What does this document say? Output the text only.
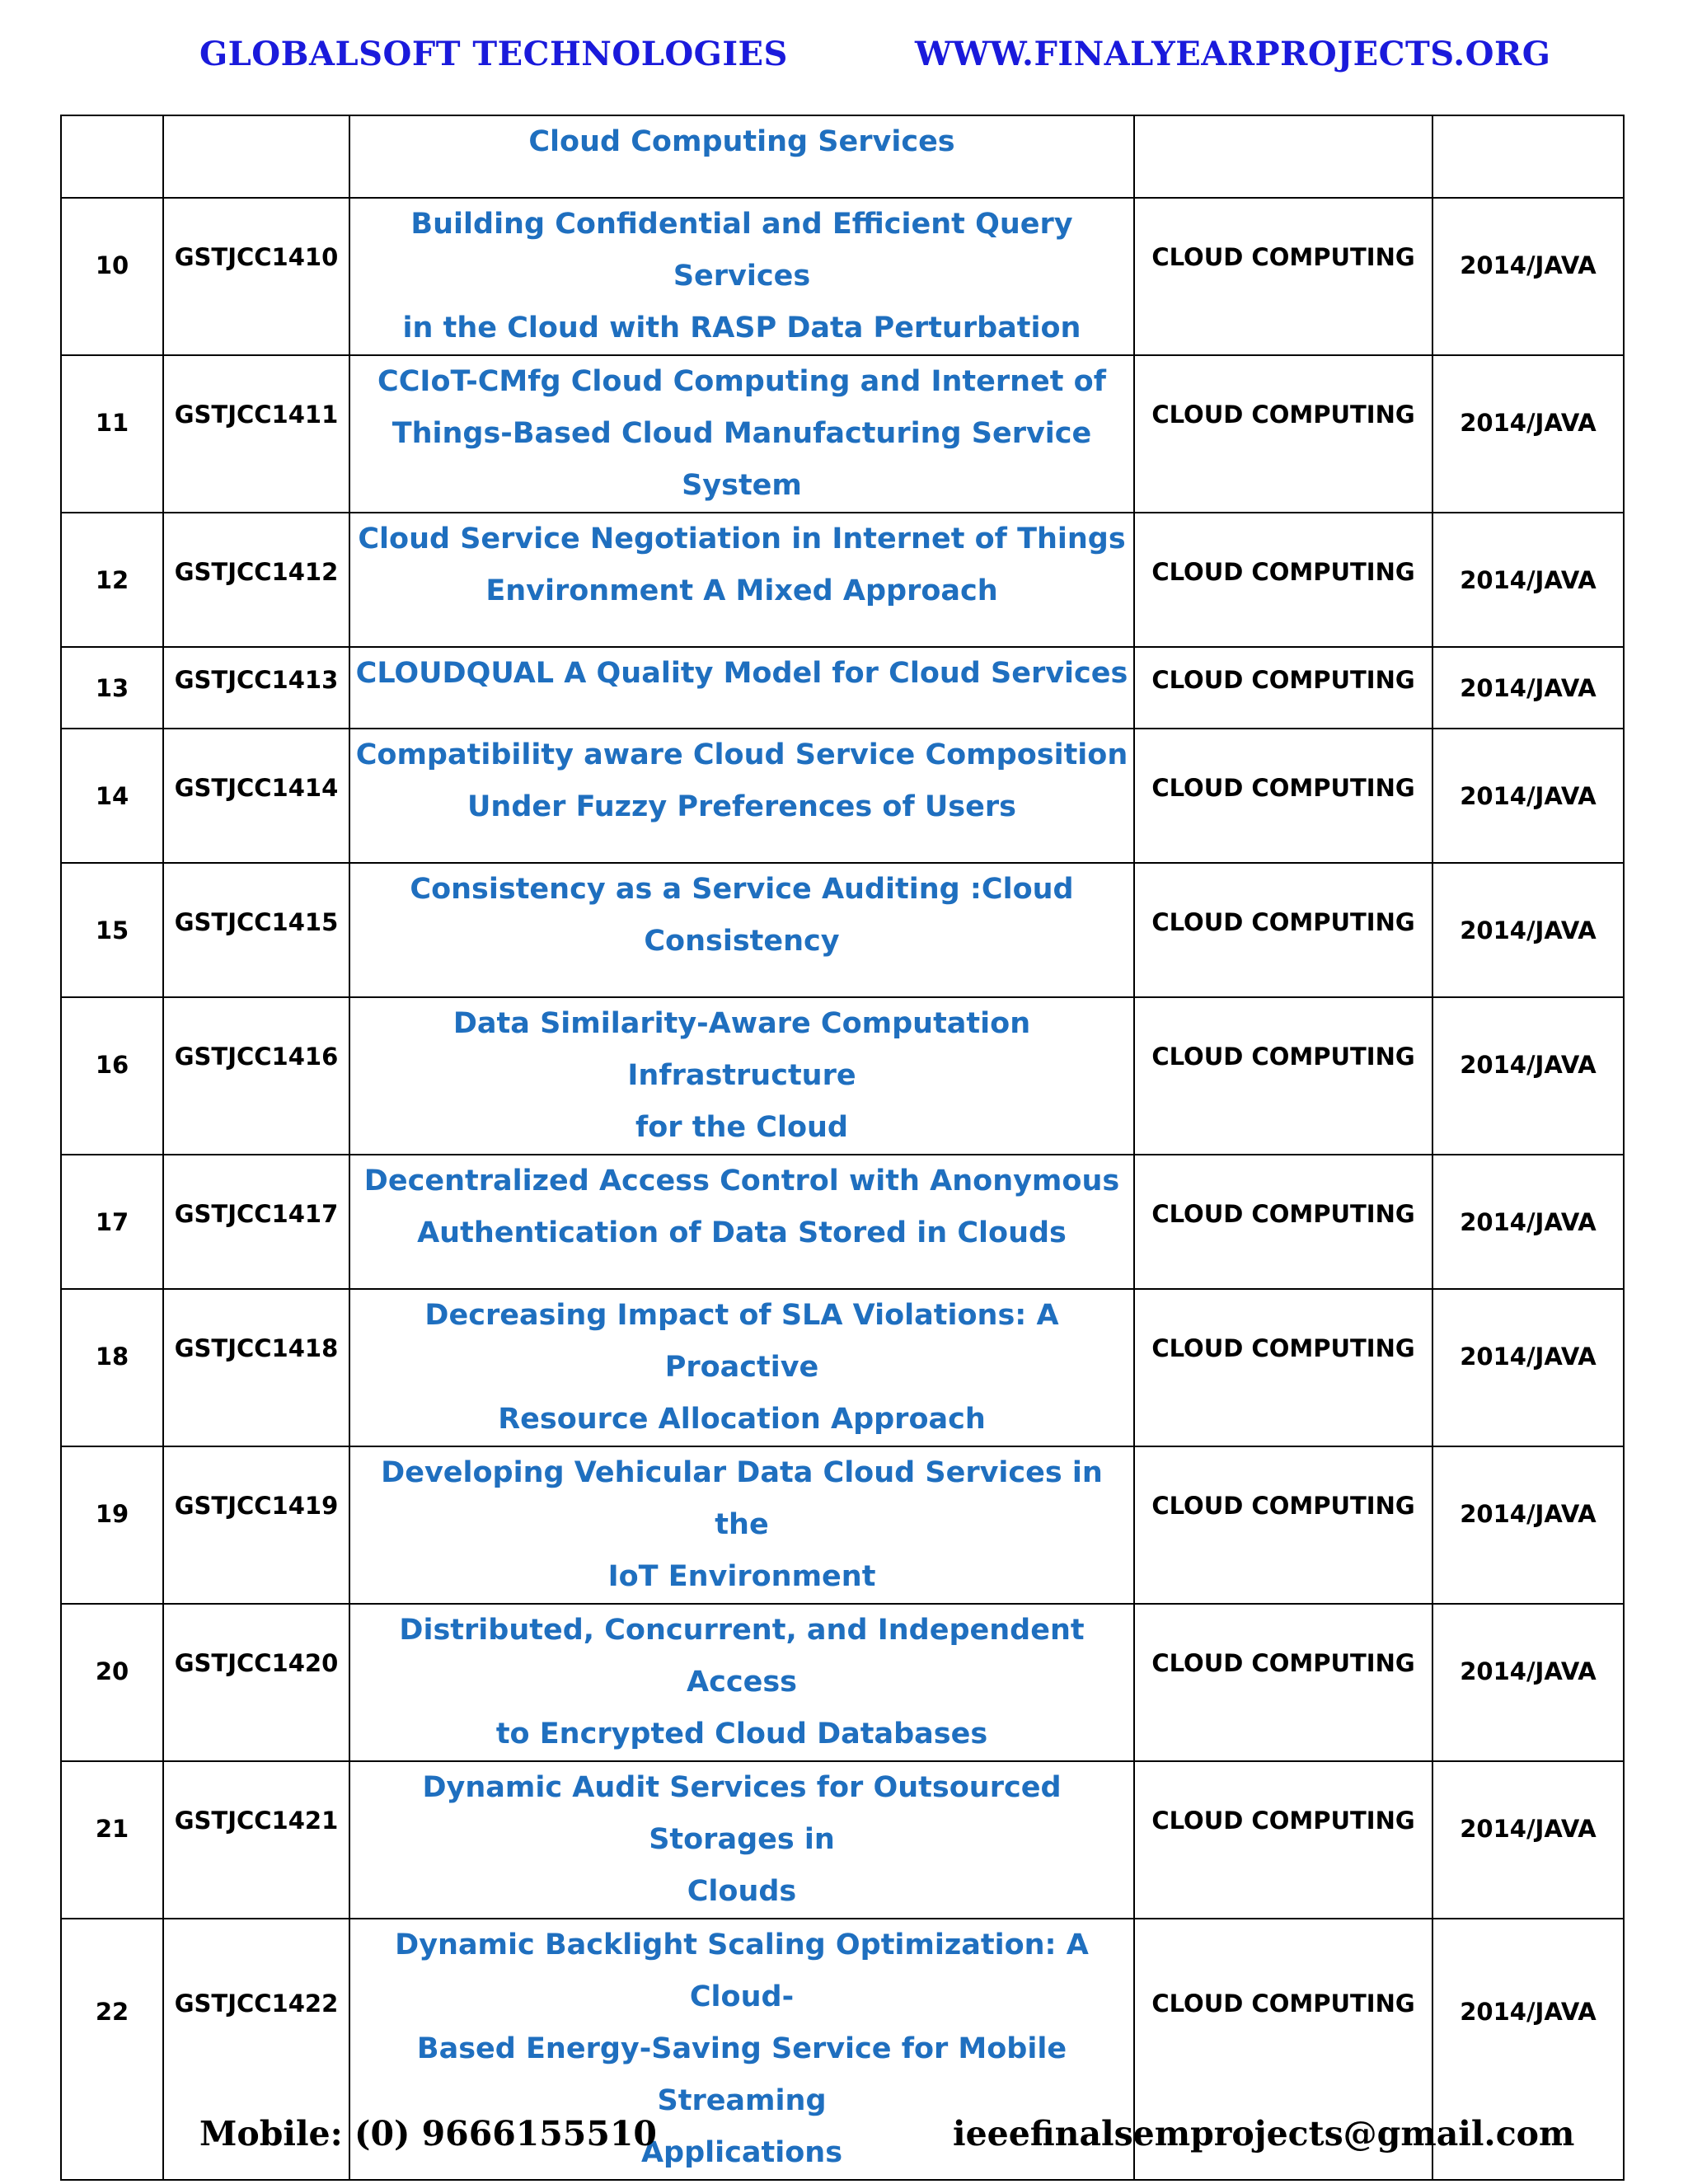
GLOBALSOFT TECHNOLOGIES	WWW.FINALYEARPROJECTS.ORG

		Cloud Computing Services		

10	GSTJCC1410	Building Confidential and Efficient Query Services
in the Cloud with RASP Data Perturbation	CLOUD COMPUTING	2014/JAVA

11	GSTJCC1411	CCIoT-CMfg Cloud Computing and Internet of
Things-Based Cloud Manufacturing Service System	CLOUD COMPUTING	2014/JAVA

12	GSTJCC1412	Cloud Service Negotiation in Internet of Things
Environment A Mixed Approach	CLOUD COMPUTING	2014/JAVA

13	GSTJCC1413	CLOUDQUAL A Quality Model for Cloud Services	CLOUD COMPUTING	2014/JAVA

14	GSTJCC1414	Compatibility aware Cloud Service Composition
Under Fuzzy Preferences of Users	CLOUD COMPUTING	2014/JAVA

15	GSTJCC1415	Consistency as a Service Auditing :Cloud
Consistency	CLOUD COMPUTING	2014/JAVA

16	GSTJCC1416	Data Similarity-Aware Computation Infrastructure
for the Cloud	CLOUD COMPUTING	2014/JAVA

17	GSTJCC1417	Decentralized Access Control with Anonymous
Authentication of Data Stored in Clouds	CLOUD COMPUTING	2014/JAVA

18	GSTJCC1418	Decreasing Impact of SLA Violations: A Proactive
Resource Allocation Approach	CLOUD COMPUTING	2014/JAVA

19	GSTJCC1419	Developing Vehicular Data Cloud Services in the
IoT Environment	CLOUD COMPUTING	2014/JAVA

20	GSTJCC1420	Distributed, Concurrent, and Independent Access
to Encrypted Cloud Databases	CLOUD COMPUTING	2014/JAVA

21	GSTJCC1421	Dynamic Audit Services for Outsourced Storages in
Clouds	CLOUD COMPUTING	2014/JAVA

22	GSTJCC1422	Dynamic Backlight Scaling Optimization: A Cloud-
Based Energy-Saving Service for Mobile Streaming
Applications	CLOUD COMPUTING	2014/JAVA
Mobile: (0) 9666155510	ieeefinalsemprojects@gmail.com
